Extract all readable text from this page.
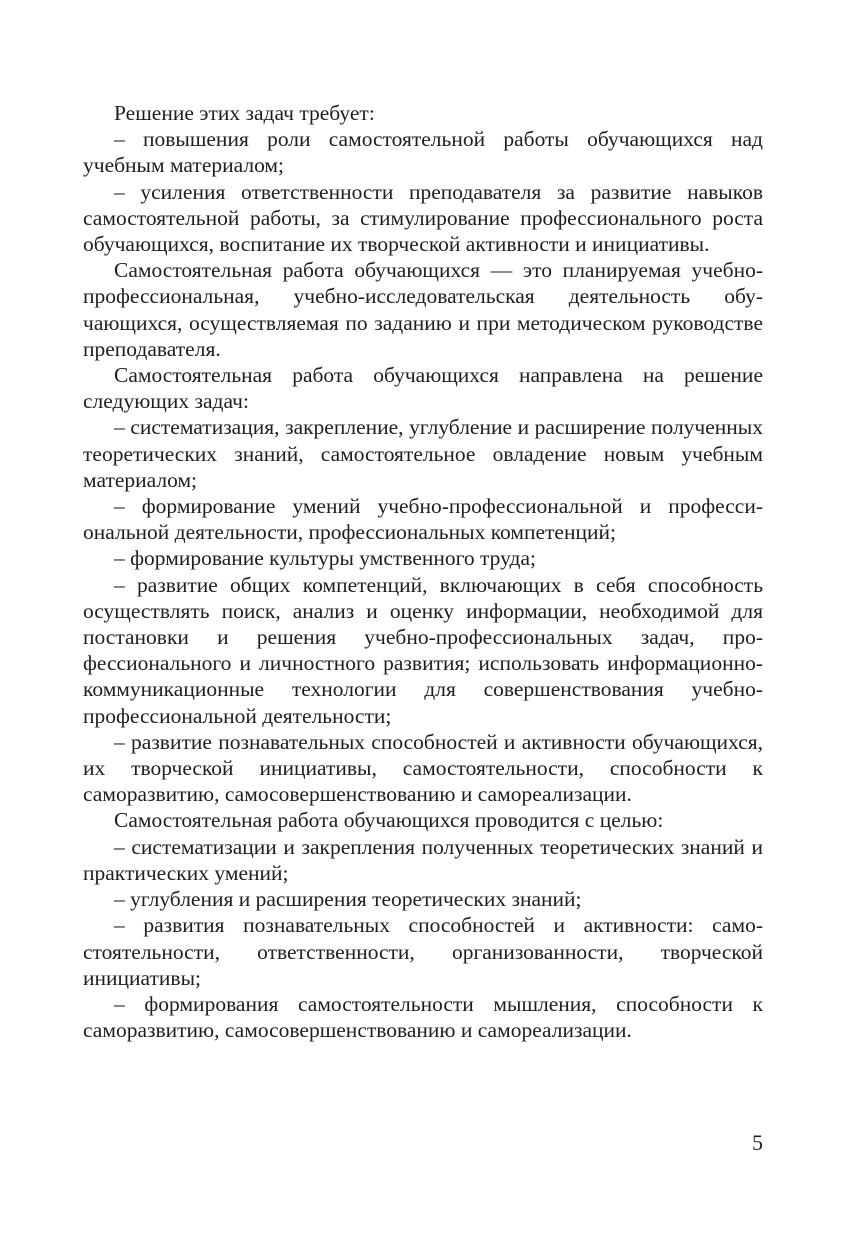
Решение этих задач требует:

– повышения роли самостоятельной работы обучающихся над учебным материалом;

– усиления ответственности преподавателя за развитие навыков самостоятельной работы, за стимулирование профессионального роста обучающихся, воспитание их творческой активности и инициативы.

Самостоятельная работа обучающихся — это планируемая учебно-профессиональная, учебно-исследовательская деятельность обучающихся, осуществляемая по заданию и при методическом руководстве преподавателя.

Самостоятельная работа обучающихся направлена на решение следующих задач:

– систематизация, закрепление, углубление и расширение полученных теоретических знаний, самостоятельное овладение новым учебным материалом;

– формирование умений учебно-профессиональной и профессиональной деятельности, профессиональных компетенций;

– формирование культуры умственного труда;

– развитие общих компетенций, включающих в себя способность осуществлять поиск, анализ и оценку информации, необходимой для постановки и решения учебно-профессиональных задач, профессионального и личностного развития; использовать информационно-коммуникационные технологии для совершенствования учебно-профессиональной деятельности;

– развитие познавательных способностей и активности обучающихся, их творческой инициативы, самостоятельности, способности к саморазвитию, самосовершенствованию и самореализации.

Самостоятельная работа обучающихся проводится с целью:

– систематизации и закрепления полученных теоретических знаний и практических умений;

– углубления и расширения теоретических знаний;

– развития познавательных способностей и активности: самостоятельности, ответственности, организованности, творческой инициативы;

– формирования самостоятельности мышления, способности к саморазвитию, самосовершенствованию и самореализации.

5
